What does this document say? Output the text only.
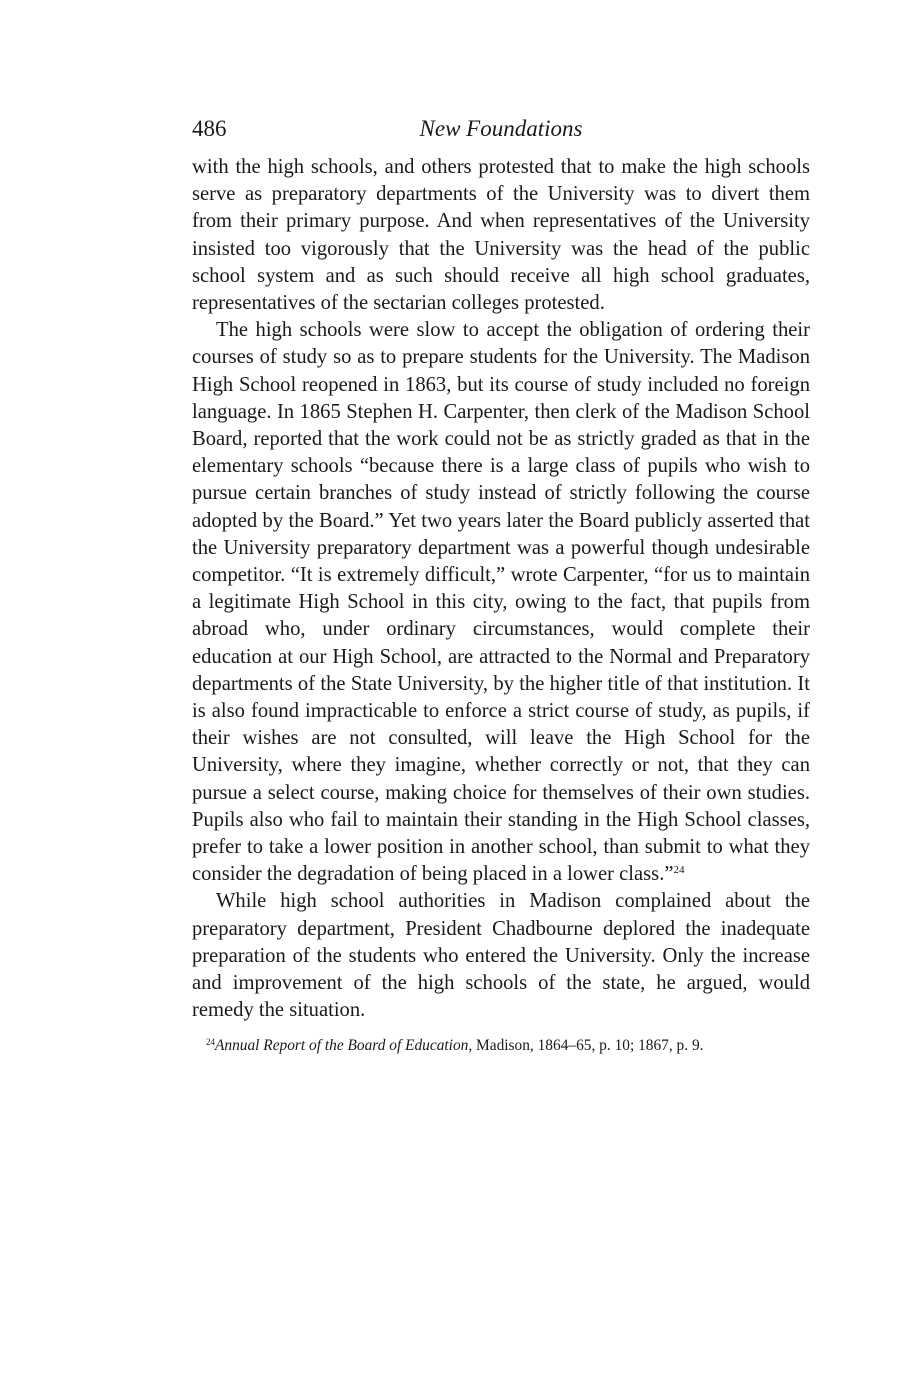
486	New Foundations

with the high schools, and others protested that to make the high schools serve as preparatory departments of the University was to divert them from their primary purpose. And when representatives of the University insisted too vigorously that the University was the head of the public school system and as such should receive all high school graduates, representatives of the sectarian colleges protested.

The high schools were slow to accept the obligation of ordering their courses of study so as to prepare students for the University. The Madison High School reopened in 1863, but its course of study included no foreign language. In 1865 Stephen H. Carpenter, then clerk of the Madison School Board, reported that the work could not be as strictly graded as that in the elementary schools “because there is a large class of pupils who wish to pursue certain branches of study instead of strictly following the course adopted by the Board.” Yet two years later the Board publicly asserted that the University preparatory department was a powerful though undesirable competitor. “It is extremely difficult,” wrote Carpenter, “for us to maintain a legitimate High School in this city, owing to the fact, that pupils from abroad who, under ordinary circumstances, would complete their education at our High School, are attracted to the Normal and Preparatory departments of the State University, by the higher title of that institution. It is also found impracticable to enforce a strict course of study, as pupils, if their wishes are not consulted, will leave the High School for the University, where they imagine, whether correctly or not, that they can pursue a select course, making choice for themselves of their own studies. Pupils also who fail to maintain their standing in the High School classes, prefer to take a lower position in another school, than submit to what they consider the degradation of being placed in a lower class.”$^{24}$

While high school authorities in Madison complained about the preparatory department, President Chadbourne deplored the inadequate preparation of the students who entered the University. Only the increase and improvement of the high schools of the state, he argued, would remedy the situation.

$^{24}$Annual Report of the Board of Education, Madison, 1864–65, p. 10; 1867, p. 9.
